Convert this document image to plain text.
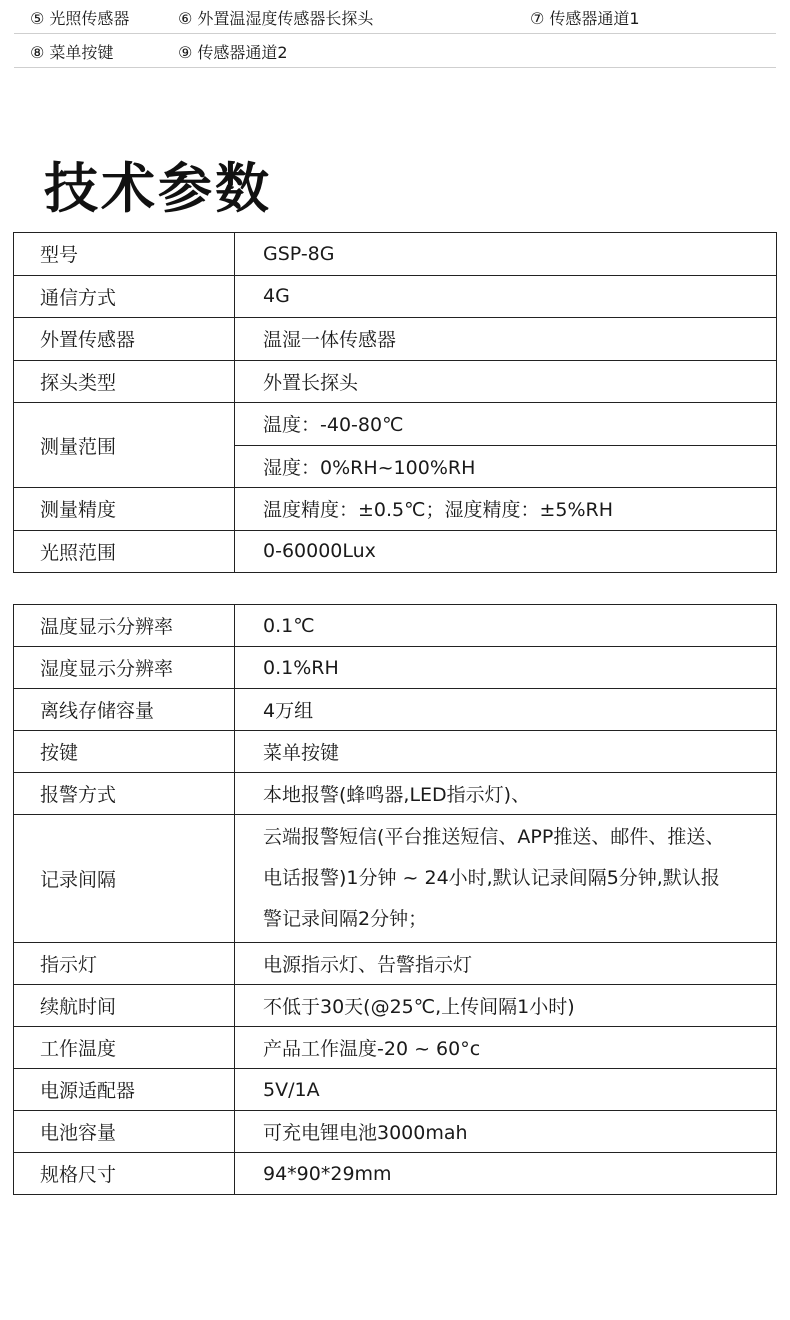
⑤ 光照传感器	⑥ 外置温湿度传感器长探头	⑦ 传感器通道1
⑧ 菜单按键	⑨ 传感器通道2
技术参数
型号	GSP-8G
通信方式	4G
外置传感器	温湿一体传感器
探头类型	外置长探头
测量范围	温度：-40-80℃
	湿度：0%RH~100%RH
测量精度	温度精度：±0.5℃；湿度精度：±5%RH
光照范围	0-60000Lux
温度显示分辨率	0.1℃
湿度显示分辨率	0.1%RH
离线存储容量	4万组
按键	菜单按键
报警方式	本地报警(蜂鸣器,LED指示灯)、
记录间隔	云端报警短信(平台推送短信、APP推送、邮件、推送、
电话报警)1分钟 ~ 24小时,默认记录间隔5分钟,默认报
警记录间隔2分钟；

指示灯	电源指示灯、告警指示灯
续航时间	不低于30天(@25℃,上传间隔1小时)
工作温度	产品工作温度-20 ~ 60°c
电源适配器	5V/1A
电池容量	可充电锂电池3000mah
规格尺寸	94*90*29mm
